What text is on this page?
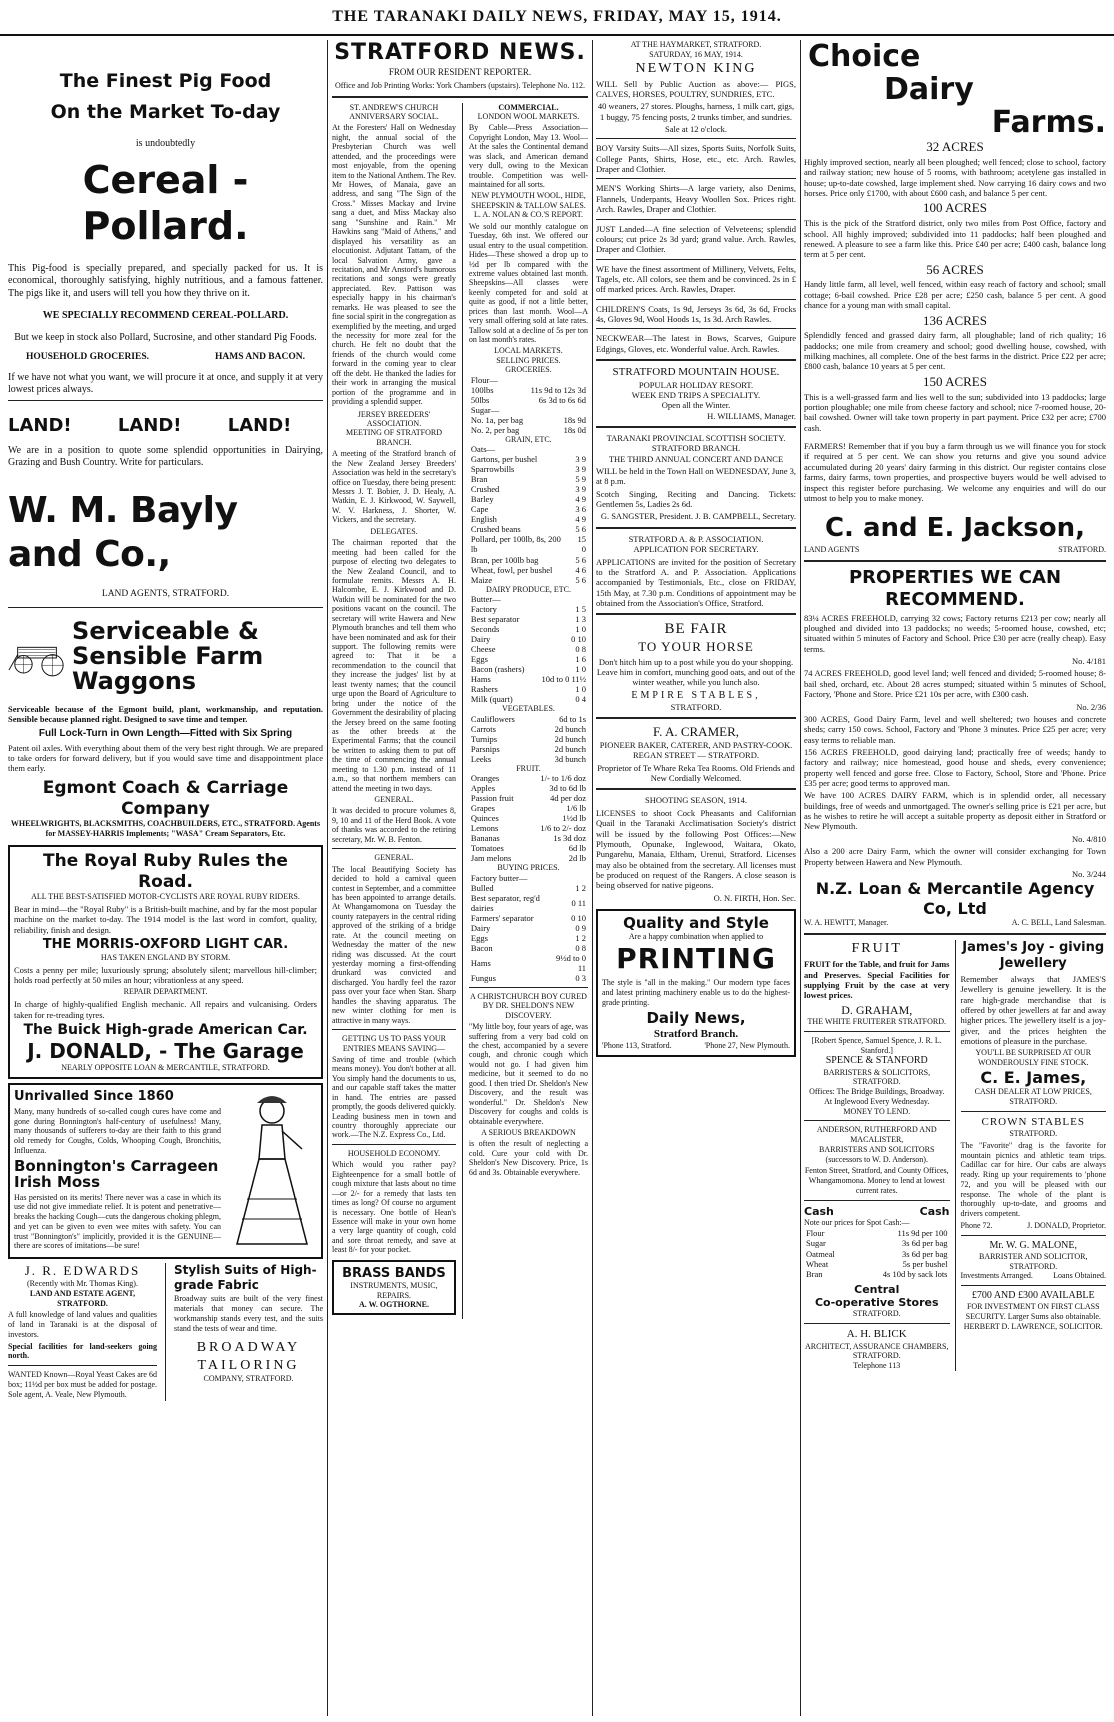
THE TARANAKI DAILY NEWS, FRIDAY, MAY 15, 1914.
The Finest Pig Food
On the Market To-day
is undoubtedly
Cereal - Pollard.

This Pig-food is specially prepared, and specially packed for us. It is economical, thoroughly satisfying, highly nutritious, and a famous fattener. The pigs like it, and users will tell you how they thrive on it.

WE SPECIALLY RECOMMEND CEREAL-POLLARD.

But we keep in stock also Pollard, Sucrosine, and other standard Pig Foods.

HOUSEHOLD GROCERIES.	HAMS AND BACON.

If we have not what you want, we will procure it at once, and supply it at very lowest prices always.

LAND! LAND! LAND!

We are in a position to quote some splendid opportunities in Dairying, Grazing and Bush Country. Write for particulars.

W. M. Bayly and Co.,
LAND AGENTS, STRATFORD.
Serviceable & Sensible Farm Waggons

Serviceable because of the Egmont build, plant, workmanship, and reputation. Sensible because planned right. Designed to save time and temper.

Full Lock-Turn in Own Length—Fitted with Six Spring

Patent oil axles. With everything about them of the very best right through. We are prepared to take orders for forward delivery, but if you would save time and disappointment place them early.

Egmont Coach & Carriage Company
WHEELWRIGHTS, BLACKSMITHS, COACHBUILDERS, ETC., STRATFORD. Agents for MASSEY-HARRIS Implements; "WASA" Cream Separators, Etc.
The Royal Ruby Rules the Road.
ALL THE BEST-SATISFIED MOTOR-CYCLISTS ARE ROYAL RUBY RIDERS.

Bear in mind—the "Royal Ruby" is a British-built machine, and by far the most popular machine on the market to-day. The 1914 model is the last word in comfort, quality, reliability, finish and design.

THE MORRIS-OXFORD LIGHT CAR.
HAS TAKEN ENGLAND BY STORM.

Costs a penny per mile; luxuriously sprung; absolutely silent; marvellous hill-climber; holds road perfectly at 50 miles an hour; vibrationless at any speed.

REPAIR DEPARTMENT.

In charge of highly-qualified English mechanic. All repairs and vulcanising. Orders taken for re-treading tyres.

The Buick High-grade American Car.
J. DONALD, - The Garage
NEARLY OPPOSITE LOAN & MERCANTILE, STRATFORD.
Unrivalled Since 1860

Many, many hundreds of so-called cough cures have come and gone during Bonnington's half-century of usefulness! Many, many thousands of sufferers to-day are their faith to this grand old remedy for Coughs, Colds, Whooping Cough, Bronchitis, Influenza.

Bonnington's Carrageen Irish Moss

Has persisted on its merits! There never was a case in which its use did not give immediate relief. It is potent and penetrative—breaks the hacking Cough—cuts the dangerous choking phlegm, and yet can be given to even wee mites with safety. You can trust "Bonnington's" implicitly, provided it is the GENUINE—there are scores of imitations—be sure!

J. R. EDWARDS
(Recently with Mr. Thomas King).
LAND AND ESTATE AGENT, STRATFORD.

A full knowledge of land values and qualities of land in Taranaki is at the disposal of investors.

Special facilities for land-seekers going north.

WANTED Known—Royal Yeast Cakes are 6d box; 11½d per box must be added for postage. Sole agent, A. Veale, New Plymouth.

Stylish Suits of High-grade Fabric

Broadway suits are built of the very finest materials that money can secure. The workmanship stands every test, and the suits stand the tests of wear and time.

BROADWAY
TAILORING
COMPANY, STRATFORD.
STRATFORD NEWS.
FROM OUR RESIDENT REPORTER.
Office and Job Printing Works: York Chambers (upstairs). Telephone No. 112.
ST. ANDREW'S CHURCH ANNIVERSARY SOCIAL.

At the Foresters' Hall on Wednesday night, the annual social of the Presbyterian Church was well attended, and the proceedings were most enjoyable, from the opening item to the National Anthem. The Rev. Mr Howes, of Manaia, gave an address, and sang "The Sign of the Cross." Misses Mackay and Irvine sang a duet, and Miss Mackay also sang "Sunshine and Rain." Mr Hawkins sang "Maid of Athens," and displayed his versatility as an elocutionist. Adjutant Tattam, of the local Salvation Army, gave a recitation, and Mr Anstord's humorous recitations and songs were greatly appreciated. Rev. Pattison was especially happy in his chairman's remarks. He was pleased to see the fine social spirit in the congregation as exemplified by the meeting, and urged the necessity for more zeal for the church. He felt no doubt that the friends of the church would come forward in the coming year to clear off the debt. He thanked the ladies for their work in arranging the musical portion of the programme and in providing a splendid supper.

JERSEY BREEDERS' ASSOCIATION.
MEETING OF STRATFORD BRANCH.

A meeting of the Stratford branch of the New Zealand Jersey Breeders' Association was held in the secretary's office on Tuesday, there being present: Messrs J. T. Bobier, J. D. Healy, A. Watkin, E. J. Kirkwood, W. Saywell, W. V. Harkness, J. Shorter, W. Vickers, and the secretary.

DELEGATES.

The chairman reported that the meeting had been called for the purpose of electing two delegates to the New Zealand Council, and to formulate remits. Messrs A. H. Halcombe, E. J. Kirkwood and D. Watkin will be nominated for the two positions vacant on the council. The secretary will write Hawera and New Plymouth branches and tell them who have been nominated and ask for their support. The following remits were agreed to: That it be a recommendation to the council that they increase the judges' list by at least twenty names; that the council urge upon the Board of Agriculture to bring under the notice of the Government the desirability of placing the Jersey breed on the same footing as the other breeds at the Experimental Farms; that the council be written to asking them to put off the time of commencing the annual meeting to 1.30 p.m. instead of 11 a.m., so that northern members can attend the meeting in two days.

GENERAL.

It was decided to procure volumes 8, 9, 10 and 11 of the Herd Book. A vote of thanks was accorded to the retiring secretary, Mr. W. B. Fenton.

GENERAL.

The local Beautifying Society has decided to hold a carnival queen contest in September, and a committee has been appointed to arrange details. At Whangamomona on Tuesday the county ratepayers in the central riding approved of the striking of a bridge rate. At the council meeting on Wednesday the matter of the new riding was discussed. At the court yesterday morning a first-offending drunkard was convicted and discharged. You hardly feel the razor pass over your face when Stan. Sharp handles the shaving apparatus. The new winter clothing for men is attractive in many ways.

GETTING US TO PASS YOUR ENTRIES MEANS SAVING—

Saving of time and trouble (which means money). You don't bother at all. You simply hand the documents to us, and our capable staff takes the matter in hand. The entries are passed promptly, the goods delivered quickly. Leading business men in town and country thoroughly appreciate our work.—The N.Z. Express Co., Ltd.

HOUSEHOLD ECONOMY.

Which would you rather pay? Eighteenpence for a small bottle of cough mixture that lasts about no time—or 2/- for a remedy that lasts ten times as long? Of course no argument is necessary. One bottle of Hean's Essence will make in your own home a very large quantity of cough, cold and sore throat remedy, and save at least 8/- for your pocket.

BRASS BANDS
INSTRUMENTS, MUSIC, REPAIRS.
A. W. OGTHORNE.
COMMERCIAL.
LONDON WOOL MARKETS.

By Cable—Press Association—Copyright London, May 13. Wool—At the sales the Continental demand was slack, and American demand very dull, owing to the Mexican trouble. Competition was well-maintained for all sorts.

NEW PLYMOUTH WOOL, HIDE, SHEEPSKIN & TALLOW SALES.
L. A. NOLAN & CO.'S REPORT.

We sold our monthly catalogue on Tuesday, 6th inst. We offered our usual entry to the usual competition. Hides—These showed a drop up to ½d per lb compared with the extreme values obtained last month. Sheepskins—All classes were keenly competed for and sold at quite as good, if not a little better, prices than last month. Wool—A very small offering sold at late rates. Tallow sold at a decline of 5s per ton on last month's rates.

LOCAL MARKETS.
SELLING PRICES.
GROCERIES.
Flour—	
100lbs	11s 9d to 12s 3d
50lbs	6s 3d to 6s 6d
Sugar—	
No. 1a, per bag	18s 9d
No. 2, per bag	18s 0d
GRAIN, ETC.
Oats—	
Gartons, per bushel	3 9
Sparrowbills	3 9
Bran	5 9
Crushed	3 9
Barley	4 9
Cape	3 6
English	4 9
Crushed beans	5 6
Pollard, per 100lb, 8s, 200 lb	15 0
Bran, per 100lb bag	5 6
Wheat, fowl, per bushel	4 6
Maize	5 6
DAIRY PRODUCE, ETC.
Butter—	
Factory	1 5
Best separator	1 3
Seconds	1 0
Dairy	0 10
Cheese	0 8
Eggs	1 6
Bacon (rashers)	1 0
Hams	10d to 0 11½
Rashers	1 0
Milk (quart)	0 4
VEGETABLES.
Cauliflowers	6d to 1s
Carrots	2d bunch
Turnips	2d bunch
Parsnips	2d bunch
Leeks	3d bunch
FRUIT.
Oranges	1/- to 1/6 doz
Apples	3d to 6d lb
Passion fruit	4d per doz
Grapes	1/6 lb
Quinces	1½d lb
Lemons	1/6 to 2/- doz
Bananas	1s 3d doz
Tomatoes	6d lb
Jam melons	2d lb
BUYING PRICES.
Factory butter—	
Bulled	1 2
Best separator, reg'd dairies	0 11
Farmers' separator	0 10
Dairy	0 9
Eggs	1 2
Bacon	0 8
Hams	9½d to 0 11
Fungus	0 3
A CHRISTCHURCH BOY CURED BY DR. SHELDON'S NEW DISCOVERY.

"My little boy, four years of age, was suffering from a very bad cold on the chest, accompanied by a severe cough, and chronic cough which would not go. I had given him medicine, but it seemed to do no good. I then tried Dr. Sheldon's New Discovery, and the result was wonderful." Dr. Sheldon's New Discovery for coughs and colds is obtainable everywhere.

A SERIOUS BREAKDOWN

is often the result of neglecting a cold. Cure your cold with Dr. Sheldon's New Discovery. Price, 1s 6d and 3s. Obtainable everywhere.

AT THE HAYMARKET, STRATFORD.
SATURDAY, 16 MAY, 1914.
NEWTON KING

WILL Sell by Public Auction as above:— PIGS, CALVES, HORSES, POULTRY, SUNDRIES, ETC.

40 weaners, 27 stores. Ploughs, harness, 1 milk cart, gigs, 1 buggy, 75 fencing posts, 2 trunks timber, and sundries.

Sale at 12 o'clock.

BOY Varsity Suits—All sizes, Sports Suits, Norfolk Suits, College Pants, Shirts, Hose, etc., etc. Arch. Rawles, Draper and Clothier.

MEN'S Working Shirts—A large variety, also Denims, Flannels, Underpants, Heavy Woollen Sox. Prices right. Arch. Rawles, Draper and Clothier.

JUST Landed—A fine selection of Velveteens; splendid colours; cut price 2s 3d yard; grand value. Arch. Rawles, Draper and Clothier.

WE have the finest assortment of Millinery, Velvets, Felts, Tagels, etc. All colors, see them and be convinced. 2s in £ off marked prices. Arch. Rawles, Draper.

CHILDREN'S Coats, 1s 9d, Jerseys 3s 6d, 3s 6d, Frocks 4s, Gloves 9d, Wool Hoods 1s, 1s 3d. Arch Rawles.

NECKWEAR—The latest in Bows, Scarves, Guipure Edgings, Gloves, etc. Wonderful value. Arch. Rawles.

STRATFORD MOUNTAIN HOUSE.
POPULAR HOLIDAY RESORT.
WEEK END TRIPS A SPECIALITY.
Open all the Winter.
H. WILLIAMS, Manager.
TARANAKI PROVINCIAL SCOTTISH SOCIETY.
STRATFORD BRANCH.
THE THIRD ANNUAL CONCERT AND DANCE

WILL be held in the Town Hall on WEDNESDAY, June 3, at 8 p.m.

Scotch Singing, Reciting and Dancing. Tickets: Gentlemen 5s, Ladies 2s 6d.

G. SANGSTER, President. J. B. CAMPBELL, Secretary.
STRATFORD A. & P. ASSOCIATION.
APPLICATION FOR SECRETARY.

APPLICATIONS are invited for the position of Secretary to the Stratford A. and P. Association. Applications accompanied by Testimonials, Etc., close on FRIDAY, 15th May, at 7.30 p.m. Conditions of appointment may be obtained from the Association's Office, Stratford.

BE FAIR
TO YOUR HORSE

Don't hitch him up to a post while you do your shopping. Leave him in comfort, munching good oats, and out of the winter weather, while you lunch also.

EMPIRE STABLES,
STRATFORD.
F. A. CRAMER,
PIONEER BAKER, CATERER, AND PASTRY-COOK.
REGAN STREET — STRATFORD.

Proprietor of Te Whare Reka Tea Rooms. Old Friends and New Cordially Welcomed.

SHOOTING SEASON, 1914.

LICENSES to shoot Cock Pheasants and Californian Quail in the Taranaki Acclimatisation Society's district will be issued by the following Post Offices:—New Plymouth, Opunake, Inglewood, Waitara, Okato, Pungarehu, Manaia, Eltham, Urenui, Stratford. Licenses may also be obtained from the secretary. All licenses must be produced on request of the Rangers. A close season is being observed for native pigeons.

O. N. FIRTH, Hon. Sec.
Quality and Style
Are a happy combination when applied to
PRINTING

The style is "all in the making." Our modern type faces and latest printing machinery enable us to do the highest-grade printing.

Daily News,
Stratford Branch.
'Phone 113, Stratford.	'Phone 27, New Plymouth.
Choice
Dairy
Farms.
32 ACRES

Highly improved section, nearly all been ploughed; well fenced; close to school, factory and railway station; new house of 5 rooms, with bathroom; acetylene gas installed in house; up-to-date cowshed, large implement shed. Now carrying 16 dairy cows and two horses. Price only £1700, with about £600 cash, and balance 5 per cent.

100 ACRES

This is the pick of the Stratford district, only two miles from Post Office, factory and school. All highly improved; subdivided into 11 paddocks; half been ploughed and renewed. A pleasure to see a farm like this. Price £40 per acre; £400 cash, balance long term at 5 per cent.

56 ACRES

Handy little farm, all level, well fenced, within easy reach of factory and school; small cottage; 6-bail cowshed. Price £28 per acre; £250 cash, balance 5 per cent. A good chance for a young man with small capital.

136 ACRES

Splendidly fenced and grassed dairy farm, all ploughable; land of rich quality; 16 paddocks; one mile from creamery and school; good dwelling house, cowshed, with milking machines, all complete. One of the best farms in the district. Price £22 per acre; £800 cash, balance 10 years at 5 per cent.

150 ACRES

This is a well-grassed farm and lies well to the sun; subdivided into 13 paddocks; large portion ploughable; one mile from cheese factory and school; nice 7-roomed house, 20-bail cowshed. Owner will take town property in part payment. Price £32 per acre; £700 cash.

FARMERS! Remember that if you buy a farm through us we will finance you for stock if required at 5 per cent. We can show you returns and give you sound advice accumulated during 20 years' dairy farming in this district. Our register contains close farms, dairy farms, town properties, and prospective buyers would be well advised to inspect this register before purchasing. We welcome any enquiries and will do our utmost to help you to make money.

C. and E. Jackson,
LAND AGENTS	STRATFORD.
PROPERTIES WE CAN RECOMMEND.

83¼ ACRES FREEHOLD, carrying 32 cows; Factory returns £213 per cow; nearly all ploughed and divided into 13 paddocks; no weeds; 5-roomed house, cowshed, etc; situated within 5 minutes of Factory and School. Price £30 per acre (really cheap). Easy terms.

No. 4/181

74 ACRES FREEHOLD, good level land; well fenced and divided; 5-roomed house; 8-bail shed, orchard, etc. About 28 acres stumped; situated within 5 minutes of School, Factory, 'Phone and Store. Price £21 10s per acre, with £300 cash.

No. 2/36

300 ACRES, Good Dairy Farm, level and well sheltered; two houses and concrete sheds; carry 150 cows. School, Factory and 'Phone 3 minutes. Price £25 per acre; very easy terms to reliable man.

156 ACRES FREEHOLD, good dairying land; practically free of weeds; handy to factory and railway; nice homestead, good house and sheds, every convenience; property well fenced and gorse free. Close to Factory, School, Store and 'Phone. Price £35 per acre; good terms to approved man.

We have 100 ACRES DAIRY FARM, which is in splendid order, all necessary buildings, free of weeds and unmortgaged. The owner's selling price is £21 per acre, but as he wishes to retire he will accept a suitable property as deposit either in Stratford or New Plymouth.

No. 4/810

Also a 200 acre Dairy Farm, which the owner will consider exchanging for Town Property between Hawera and New Plymouth.

No. 3/244
N.Z. Loan & Mercantile Agency Co, Ltd
W. A. HEWITT, Manager.	A. C. BELL, Land Salesman.
FRUIT

FRUIT for the Table, and fruit for Jams and Preserves. Special Facilities for supplying Fruit by the case at very lowest prices.

D. GRAHAM,
THE WHITE FRUITERER STRATFORD.
[Robert Spence, Samuel Spence, J. R. L. Stanford.]
SPENCE & STANFORD
BARRISTERS & SOLICITORS, STRATFORD.
Offices: The Bridge Buildings, Broadway.
At Inglewood Every Wednesday.
MONEY TO LEND.
ANDERSON, RUTHERFORD AND MACALISTER,
BARRISTERS AND SOLICITORS (successors to W. D. Anderson).

Fenton Street, Stratford, and County Offices, Whangamomona. Money to lend at lowest current rates.

Cash	Cash
Note our prices for Spot Cash:—
Flour	11s 9d per 100
Sugar	3s 6d per bag
Oatmeal	3s 6d per bag
Wheat	5s per bushel
Bran	4s 10d by sack lots
Central
Co-operative Stores
STRATFORD.
A. H. BLICK
ARCHITECT, ASSURANCE CHAMBERS, STRATFORD.
Telephone 113
James's Joy - giving Jewellery

Remember always that JAMES'S Jewellery is genuine jewellery. It is the rare high-grade merchandise that is offered by other jewellers at far and away higher prices. The jewellery itself is a joy-giver, and the prices heighten the emotions of pleasure in the purchase.

YOU'LL BE SURPRISED AT OUR WONDEROUSLY FINE STOCK.
C. E. James,
CASH DEALER AT LOW PRICES, STRATFORD.
CROWN STABLES
STRATFORD.

The "Favorite" drag is the favorite for mountain picnics and athletic team trips. Cadillac car for hire. Our cabs are always ready. Ring up your requirements to 'phone 72, and you will be pleased with our response. The whole of the plant is thoroughly up-to-date, and grooms and drivers competent.

Phone 72.	J. DONALD, Proprietor.
Mr. W. G. MALONE,
BARRISTER AND SOLICITOR,
STRATFORD.
Investments Arranged.	Loans Obtained.
£700 AND £300 AVAILABLE
FOR INVESTMENT ON FIRST CLASS SECURITY. Larger Sums also obtainable.
HERBERT D. LAWRENCE, SOLICITOR.
